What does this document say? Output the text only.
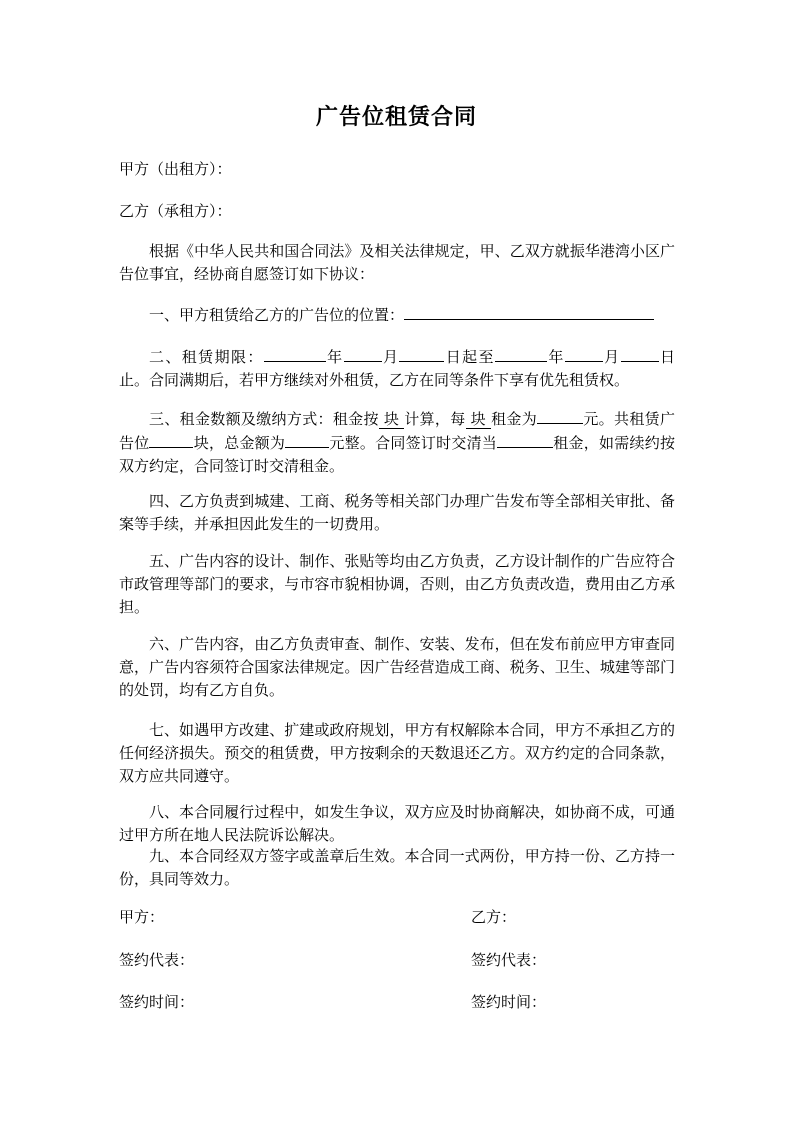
广告位租赁合同
甲方（出租方）：
乙方（承租方）：
根据《中华人民共和国合同法》及相关法律规定，甲、乙双方就振华港湾小区广告位事宜，经协商自愿签订如下协议：
一、甲方租赁给乙方的广告位的位置：
二、租赁期限：	年	月	日起至	年	月	日止。合同满期后，若甲方继续对外租赁，乙方在同等条件下享有优先租赁权。
三、租金数额及缴纳方式：租金按 块 计算，每 块 租金为	元。共租赁广告位	块，总金额为	元整。合同签订时交清当	租金，如需续约按双方约定，合同签订时交清租金。
四、乙方负责到城建、工商、税务等相关部门办理广告发布等全部相关审批、备案等手续，并承担因此发生的一切费用。
五、广告内容的设计、制作、张贴等均由乙方负责，乙方设计制作的广告应符合市政管理等部门的要求，与市容市貌相协调，否则，由乙方负责改造，费用由乙方承担。
六、广告内容，由乙方负责审查、制作、安装、发布，但在发布前应甲方审查同意，广告内容须符合国家法律规定。因广告经营造成工商、税务、卫生、城建等部门的处罚，均有乙方自负。
七、如遇甲方改建、扩建或政府规划，甲方有权解除本合同，甲方不承担乙方的任何经济损失。预交的租赁费，甲方按剩余的天数退还乙方。双方约定的合同条款，双方应共同遵守。
八、本合同履行过程中，如发生争议，双方应及时协商解决，如协商不成，可通过甲方所在地人民法院诉讼解决。
九、本合同经双方签字或盖章后生效。本合同一式两份，甲方持一份、乙方持一份，具同等效力。
甲方：	乙方：
签约代表：	签约代表：
签约时间：	签约时间：
